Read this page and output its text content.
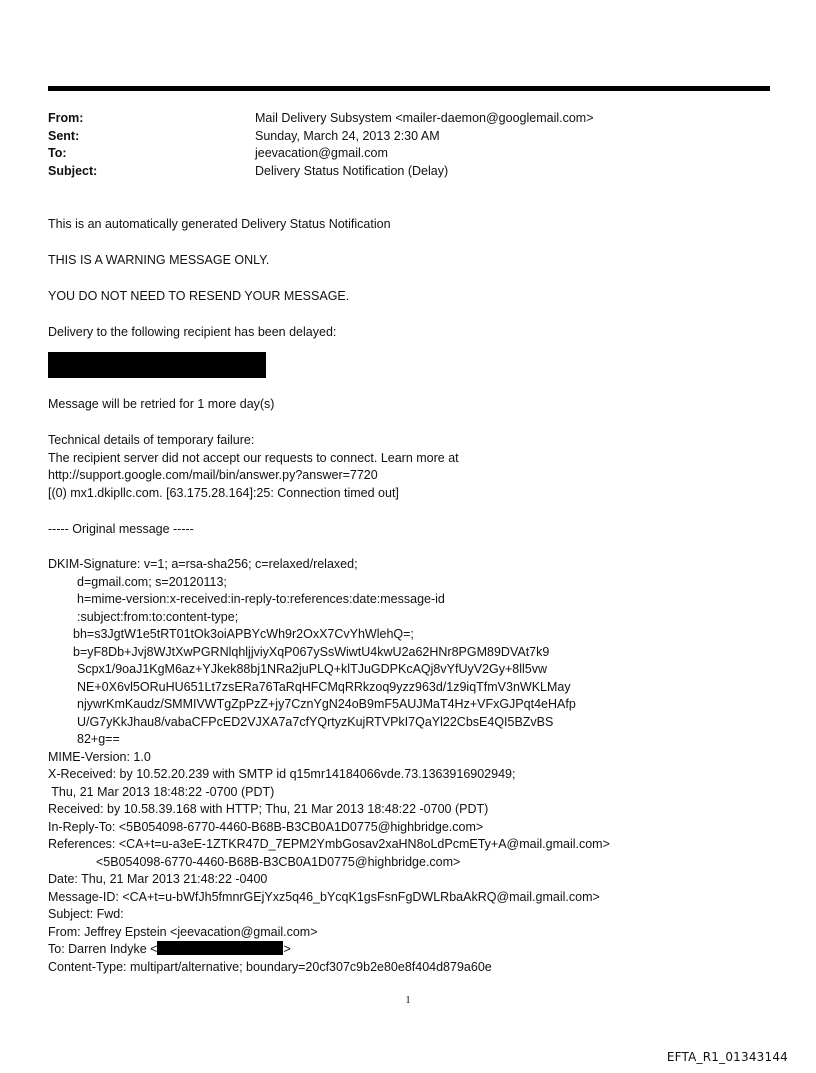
From:	Mail Delivery Subsystem <mailer-daemon@googlemail.com>
Sent:	Sunday, March 24, 2013 2:30 AM
To:	jeevacation@gmail.com
Subject:	Delivery Status Notification (Delay)
This is an automatically generated Delivery Status Notification
THIS IS A WARNING MESSAGE ONLY.
YOU DO NOT NEED TO RESEND YOUR MESSAGE.
Delivery to the following recipient has been delayed:
Message will be retried for 1 more day(s)
Technical details of temporary failure:
The recipient server did not accept our requests to connect. Learn more at
http://support.google.com/mail/bin/answer.py?answer=7720
[(0) mx1.dkipllc.com. [63.175.28.164]:25: Connection timed out]
----- Original message -----
DKIM-Signature: v=1; a=rsa-sha256; c=relaxed/relaxed;
d=gmail.com; s=20120113;
h=mime-version:x-received:in-reply-to:references:date:message-id
:subject:from:to:content-type;
bh=s3JgtW1e5tRT01tOk3oiAPBYcWh9r2OxX7CvYhWlehQ=;
b=yF8Db+Jvj8WJtXwPGRNlqhljjviyXqP067ySsWiwtU4kwU2a62HNr8PGM89DVAt7k9
Scpx1/9oaJ1KgM6az+YJkek88bj1NRa2juPLQ+klTJuGDPKcAQj8vYfUyV2Gy+8ll5vw
NE+0X6vl5ORuHU651Lt7zsERa76TaRqHFCMqRRkzoq9yzz963d/1z9iqTfmV3nWKLMay
njywrKmKaudz/SMMIVWTgZpPzZ+jy7CznYgN24oB9mF5AUJMaT4Hz+VFxGJPqt4eHAfp
U/G7yKkJhau8/vabaCFPcED2VJXA7a7cfYQrtyzKujRTVPkI7QaYl22CbsE4QI5BZvBS
82+g==
MIME-Version: 1.0
X-Received: by 10.52.20.239 with SMTP id q15mr14184066vde.73.1363916902949;
Thu, 21 Mar 2013 18:48:22 -0700 (PDT)
Received: by 10.58.39.168 with HTTP; Thu, 21 Mar 2013 18:48:22 -0700 (PDT)
In-Reply-To: <5B054098-6770-4460-B68B-B3CB0A1D0775@highbridge.com>
References: <CA+t=u-a3eE-1ZTKR47D_7EPM2YmbGosav2xaHN8oLdPcmETy+A@mail.gmail.com>
<5B054098-6770-4460-B68B-B3CB0A1D0775@highbridge.com>
Date: Thu, 21 Mar 2013 21:48:22 -0400
Message-ID: <CA+t=u-bWfJh5fmnrGEjYxz5q46_bYcqK1gsFsnFgDWLRbaAkRQ@mail.gmail.com>
Subject: Fwd:
From: Jeffrey Epstein <jeevacation@gmail.com>
To: Darren Indyke <	>
Content-Type: multipart/alternative; boundary=20cf307c9b2e80e8f404d879a60e
1
EFTA_R1_01343144
